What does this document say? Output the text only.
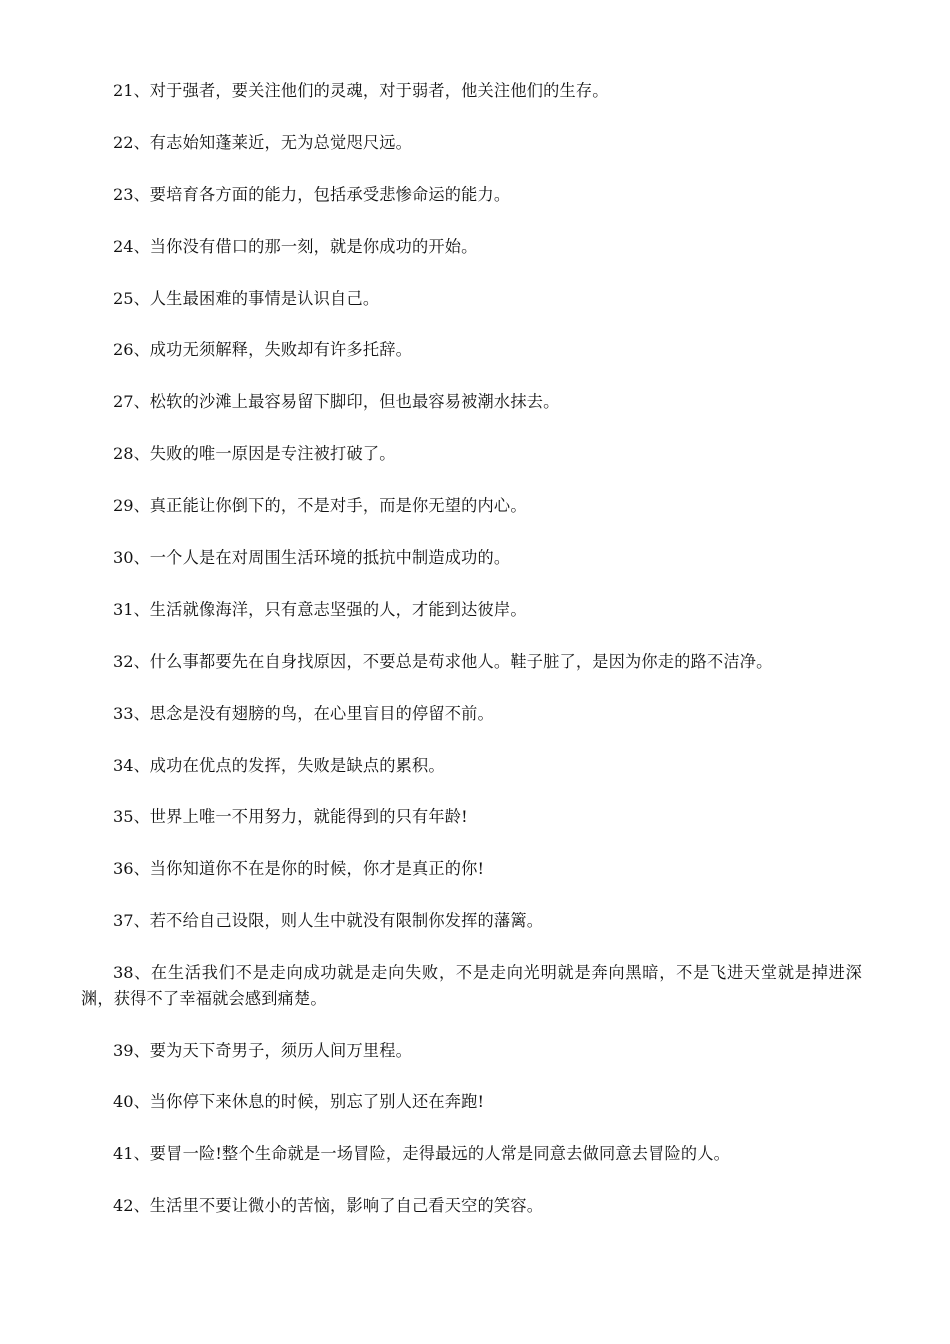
21、对于强者，要关注他们的灵魂，对于弱者，他关注他们的生存。

22、有志始知蓬莱近，无为总觉咫尺远。

23、要培育各方面的能力，包括承受悲惨命运的能力。

24、当你没有借口的那一刻，就是你成功的开始。

25、人生最困难的事情是认识自己。

26、成功无须解释，失败却有许多托辞。

27、松软的沙滩上最容易留下脚印，但也最容易被潮水抹去。

28、失败的唯一原因是专注被打破了。

29、真正能让你倒下的，不是对手，而是你无望的内心。

30、一个人是在对周围生活环境的抵抗中制造成功的。

31、生活就像海洋，只有意志坚强的人，才能到达彼岸。

32、什么事都要先在自身找原因，不要总是苟求他人。鞋子脏了，是因为你走的路不洁净。

33、思念是没有翅膀的鸟，在心里盲目的停留不前。

34、成功在优点的发挥，失败是缺点的累积。

35、世界上唯一不用努力，就能得到的只有年龄!

36、当你知道你不在是你的时候，你才是真正的你!

37、若不给自己设限，则人生中就没有限制你发挥的藩篱。

38、在生活我们不是走向成功就是走向失败，不是走向光明就是奔向黑暗，不是飞进天堂就是掉进深渊，获得不了幸福就会感到痛楚。

39、要为天下奇男子，须历人间万里程。

40、当你停下来休息的时候，别忘了别人还在奔跑!

41、要冒一险!整个生命就是一场冒险，走得最远的人常是同意去做同意去冒险的人。

42、生活里不要让微小的苦恼，影响了自己看天空的笑容。
